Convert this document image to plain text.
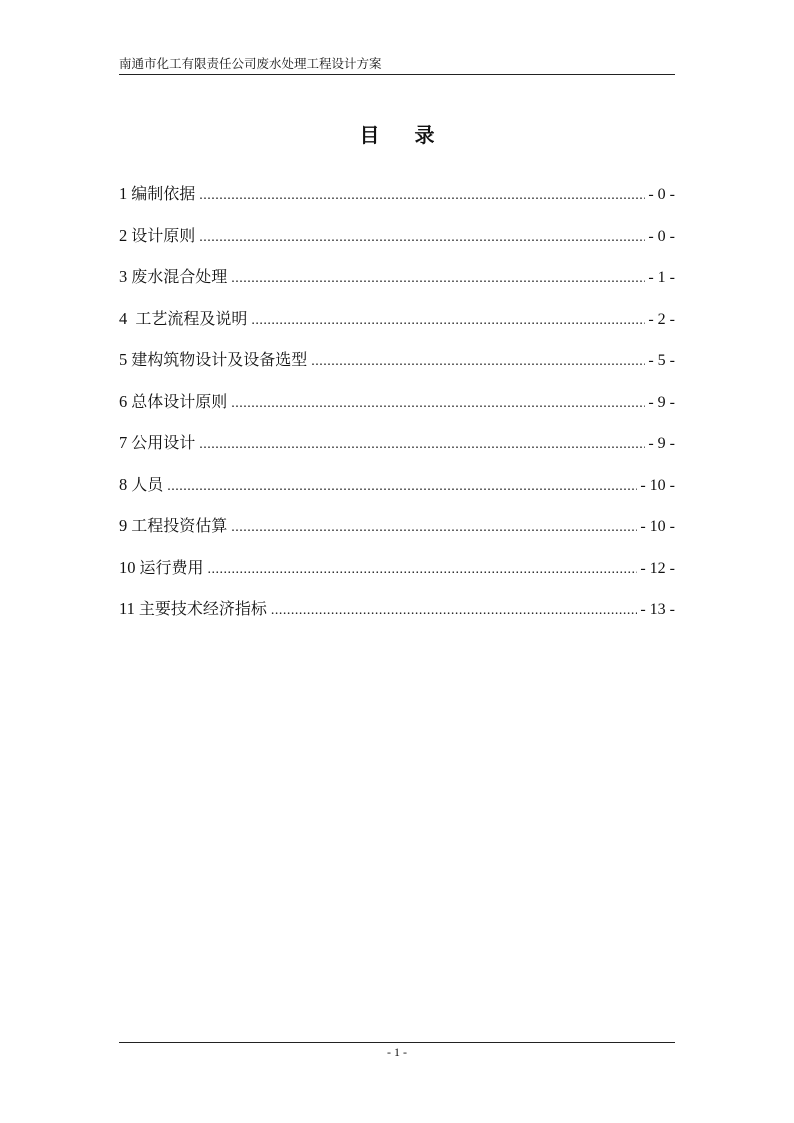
南通市化工有限责任公司废水处理工程设计方案
目 录
1 编制依据 .....	- 0 -
2 设计原则 .....	- 0 -
3 废水混合处理 .....	- 1 -
4 工艺流程及说明 .....	- 2 -
5 建构筑物设计及设备选型 .....	- 5 -
6 总体设计原则 .....	- 9 -
7 公用设计 .....	- 9 -
8 人员 .....	- 10 -
9 工程投资估算 .....	- 10 -
10 运行费用 .....	- 12 -
11 主要技术经济指标 .....	- 13 -
- 1 -
